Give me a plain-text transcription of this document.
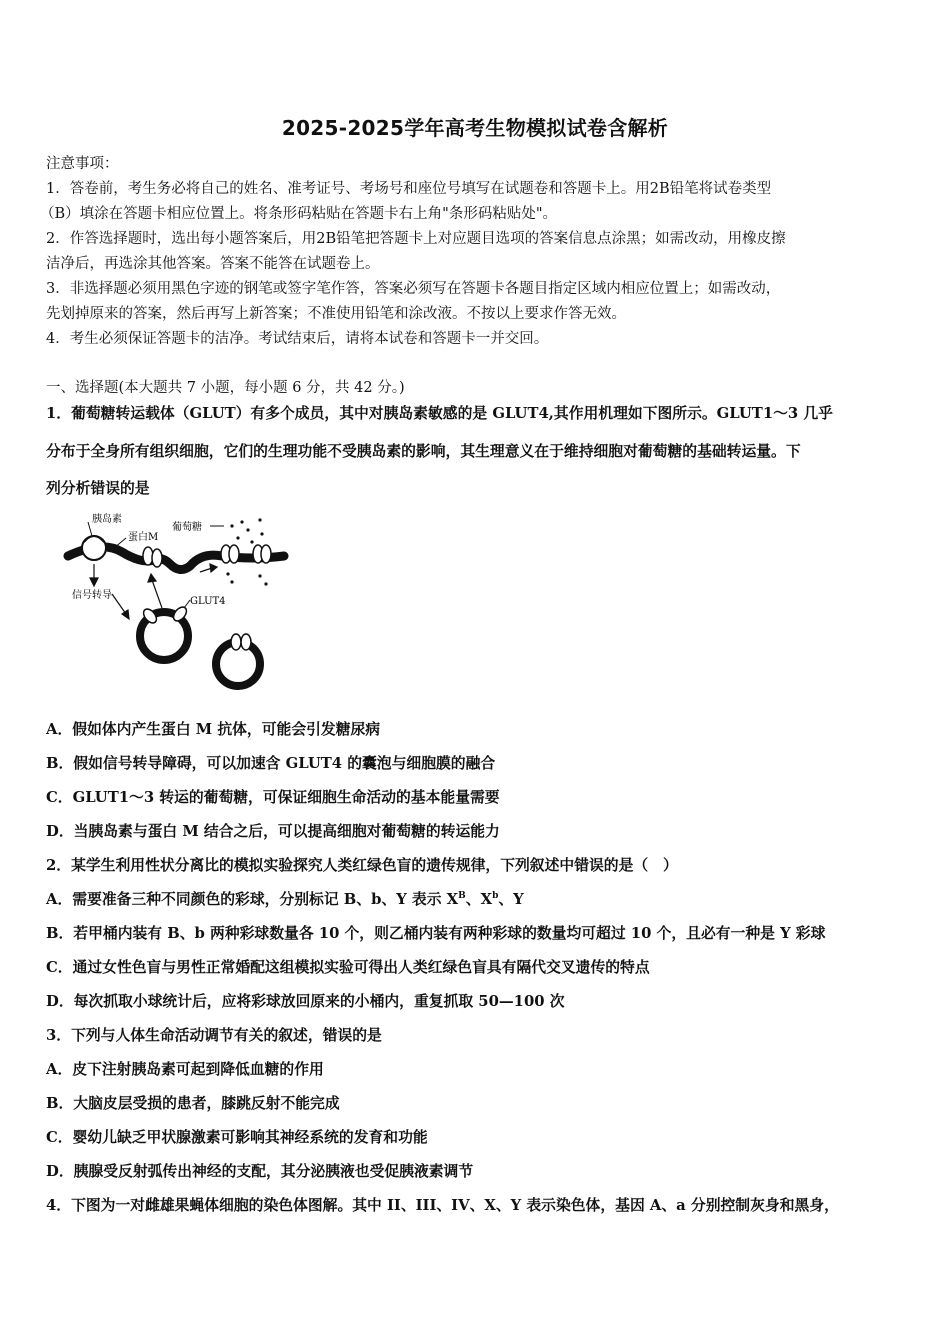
2025-2025学年高考生物模拟试卷含解析
注意事项：
1．答卷前，考生务必将自己的姓名、准考证号、考场号和座位号填写在试题卷和答题卡上。用2B铅笔将试卷类型
（B）填涂在答题卡相应位置上。将条形码粘贴在答题卡右上角"条形码粘贴处"。
2．作答选择题时，选出每小题答案后，用2B铅笔把答题卡上对应题目选项的答案信息点涂黑；如需改动，用橡皮擦
洁净后，再选涂其他答案。答案不能答在试题卷上。
3．非选择题必须用黑色字迹的钢笔或签字笔作答，答案必须写在答题卡各题目指定区域内相应位置上；如需改动，
先划掉原来的答案，然后再写上新答案；不准使用铅笔和涂改液。不按以上要求作答无效。
4．考生必须保证答题卡的洁净。考试结束后，请将本试卷和答题卡一并交回。
一、选择题(本大题共 7 小题，每小题 6 分，共 42 分。)
1．葡萄糖转运载体（GLUT）有多个成员，其中对胰岛素敏感的是 GLUT4,其作用机理如下图所示。GLUT1～3 几乎
分布于全身所有组织细胞，它们的生理功能不受胰岛素的影响，其生理意义在于维持细胞对葡萄糖的基础转运量。下
列分析错误的是
胰岛素
蛋白M
葡萄糖
信号转导
GLUT4
A．假如体内产生蛋白 M 抗体，可能会引发糖尿病
B．假如信号转导障碍，可以加速含 GLUT4 的囊泡与细胞膜的融合
C．GLUT1～3 转运的葡萄糖，可保证细胞生命活动的基本能量需要
D．当胰岛素与蛋白 M 结合之后，可以提高细胞对葡萄糖的转运能力
2．某学生利用性状分离比的模拟实验探究人类红绿色盲的遗传规律，下列叙述中错误的是（　）
A．需要准备三种不同颜色的彩球，分别标记 B、b、Y 表示 $X^B$、$X^b$、Y
B．若甲桶内装有 B、b 两种彩球数量各 10 个，则乙桶内装有两种彩球的数量均可超过 10 个，且必有一种是 Y 彩球
C．通过女性色盲与男性正常婚配这组模拟实验可得出人类红绿色盲具有隔代交叉遗传的特点
D．每次抓取小球统计后，应将彩球放回原来的小桶内，重复抓取 50—100 次
3．下列与人体生命活动调节有关的叙述，错误的是
A．皮下注射胰岛素可起到降低血糖的作用
B．大脑皮层受损的患者，膝跳反射不能完成
C．婴幼儿缺乏甲状腺激素可影响其神经系统的发育和功能
D．胰腺受反射弧传出神经的支配，其分泌胰液也受促胰液素调节
4．下图为一对雌雄果蝇体细胞的染色体图解。其中 II、III、IV、X、Y 表示染色体，基因 A、a 分别控制灰身和黑身，
